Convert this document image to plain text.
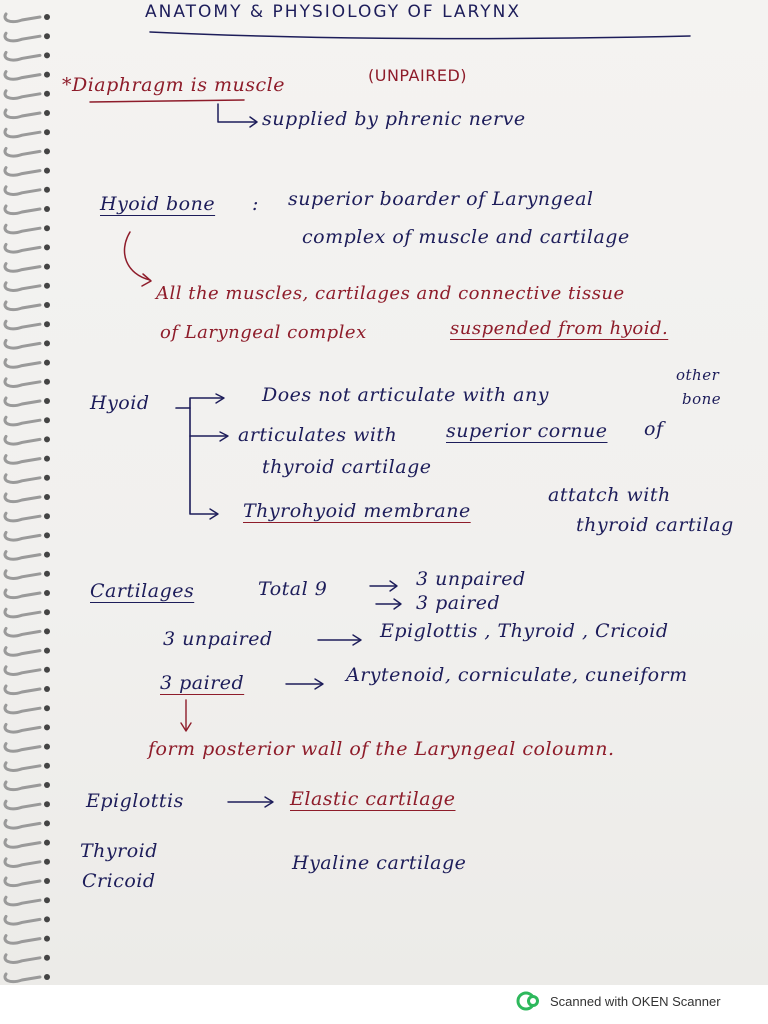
ANATOMY & PHYSIOLOGY OF LARYNX
*Diaphragm is muscle	(UNPAIRED)
supplied by phrenic nerve
Hyoid bone : superior boarder of Laryngeal
complex of muscle and cartilage
All the muscles, cartilages and connective tissue
of Laryngeal complex	suspended from hyoid.
Hyoid	Does not articulate with any
other
bone
articulates with	superior cornue of
thyroid cartilage
Thyrohyoid membrane
attatch with
thyroid cartilag
Cartilages	Total 9	3 unpaired
3 paired
3 unpaired	Epiglottis , Thyroid , Cricoid
3 paired	Arytenoid, corniculate, cuneiform
form posterior wall of the Laryngeal coloumn.
Epiglottis	Elastic cartilage
Thyroid
Cricoid
Hyaline cartilage
Scanned with OKEN Scanner
